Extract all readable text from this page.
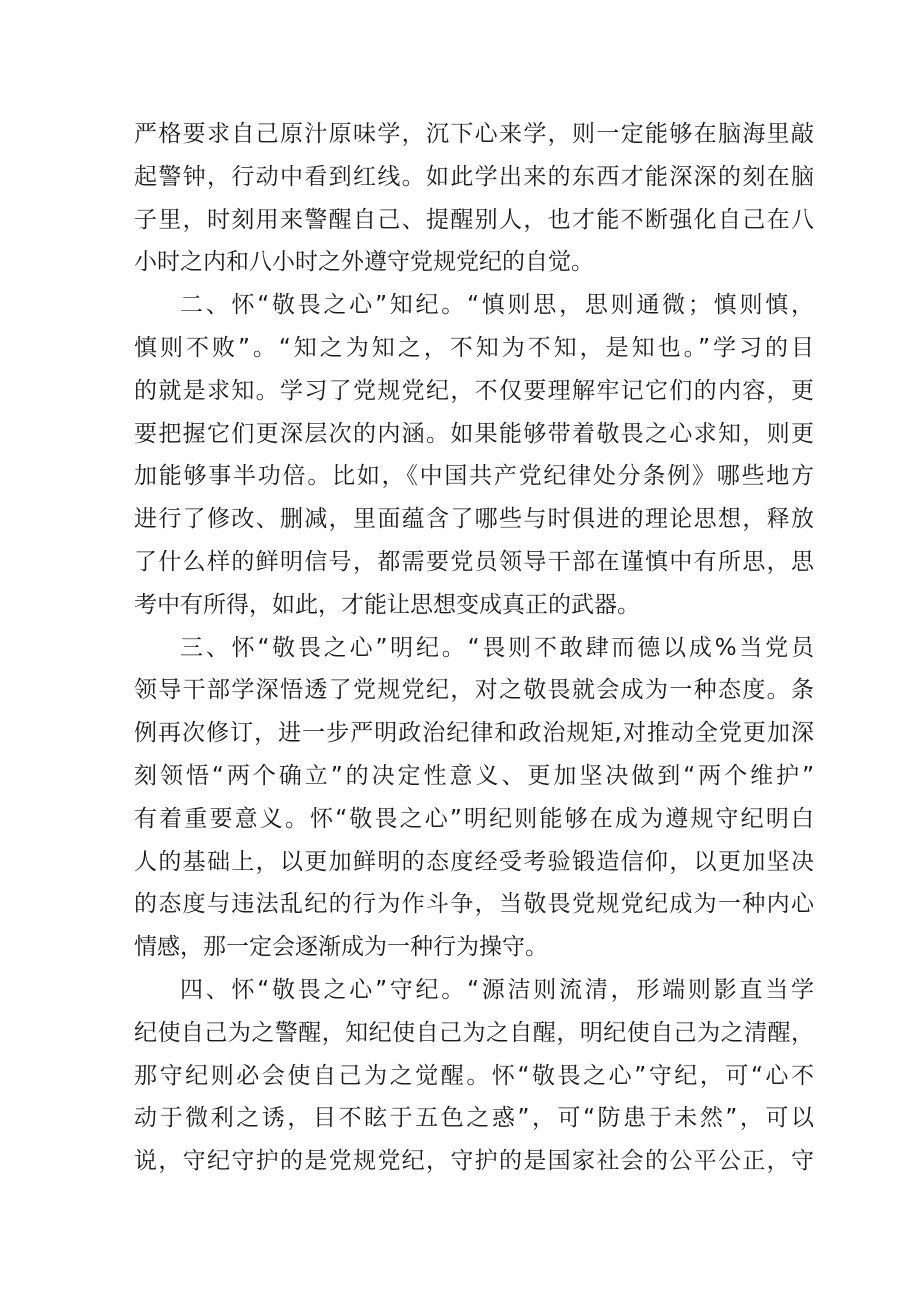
严格要求自己原汁原味学，沉下心来学，则一定能够在脑海里敲
起警钟，行动中看到红线。如此学出来的东西才能深深的刻在脑
子里，时刻用来警醒自己、提醒别人，也才能不断强化自己在八
小时之内和八小时之外遵守党规党纪的自觉。
二、怀“敬畏之心”知纪。“慎则思，思则通微；慎则慎，
慎则不败”。“知之为知之，不知为不知，是知也。”学习的目
的就是求知。学习了党规党纪，不仅要理解牢记它们的内容，更
要把握它们更深层次的内涵。如果能够带着敬畏之心求知，则更
加能够事半功倍。比如，《中国共产党纪律处分条例》哪些地方
进行了修改、删减，里面蕴含了哪些与时俱进的理论思想，释放
了什么样的鲜明信号，都需要党员领导干部在谨慎中有所思，思
考中有所得，如此，才能让思想变成真正的武器。
三、怀“敬畏之心”明纪。“畏则不敢肆而德以成%当党员
领导干部学深悟透了党规党纪，对之敬畏就会成为一种态度。条
例再次修订，进一步严明政治纪律和政治规矩,对推动全党更加深
刻领悟“两个确立”的决定性意义、更加坚决做到“两个维护”
有着重要意义。怀“敬畏之心”明纪则能够在成为遵规守纪明白
人的基础上，以更加鲜明的态度经受考验锻造信仰，以更加坚决
的态度与违法乱纪的行为作斗争，当敬畏党规党纪成为一种内心
情感，那一定会逐渐成为一种行为操守。
四、怀“敬畏之心”守纪。“源洁则流清，形端则影直当学
纪使自己为之警醒，知纪使自己为之自醒，明纪使自己为之清醒，
那守纪则必会使自己为之觉醒。怀“敬畏之心”守纪，可“心不
动于微利之诱，目不眩于五色之惑”，可“防患于未然”，可以
说，守纪守护的是党规党纪，守护的是国家社会的公平公正，守
